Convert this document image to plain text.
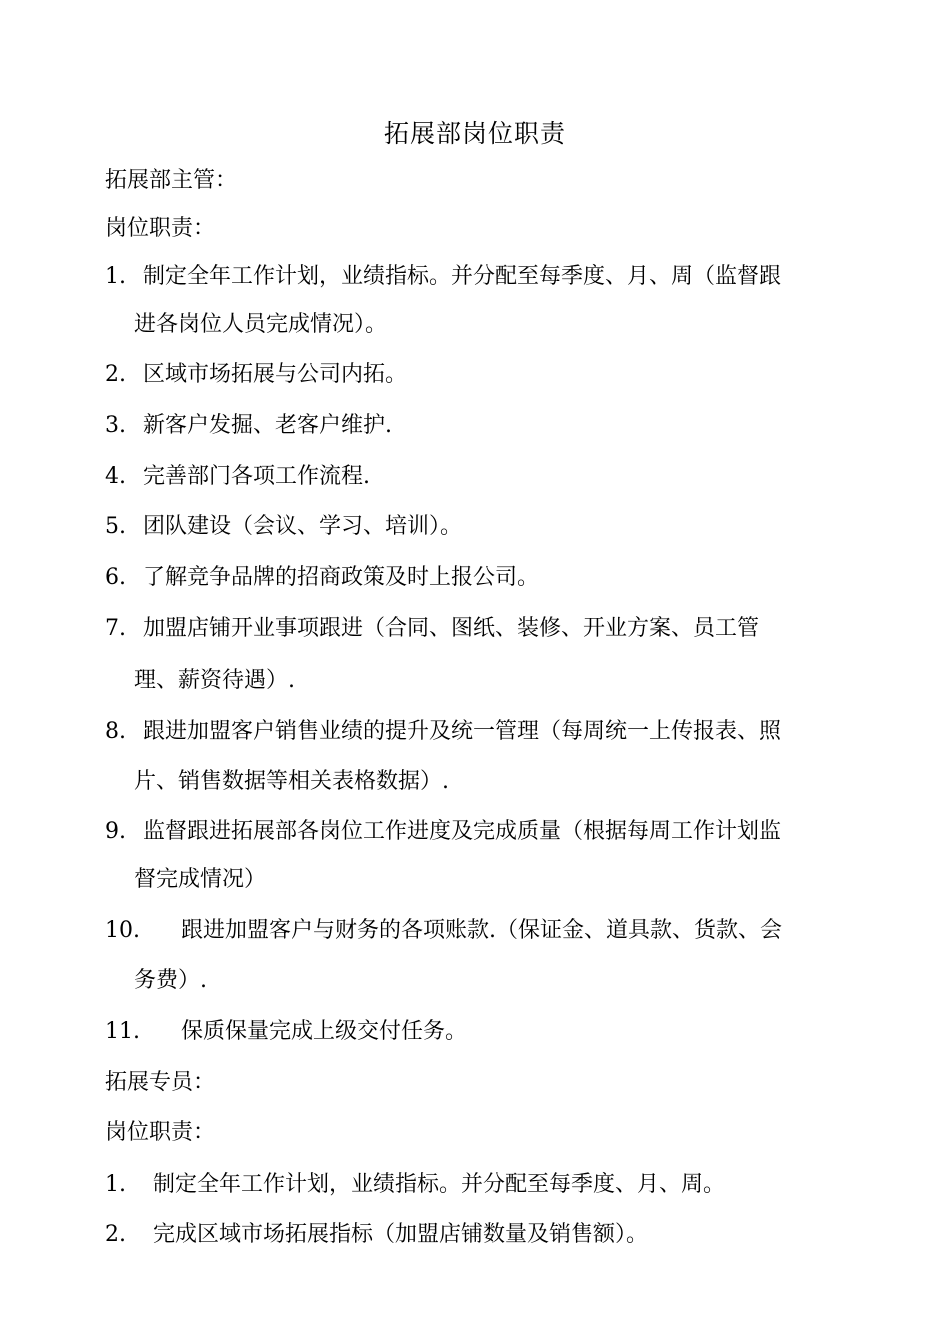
拓展部岗位职责
拓展部主管：
岗位职责：
1. 制定全年工作计划，业绩指标。并分配至每季度、月、周（监督跟
进各岗位人员完成情况）。
2. 区域市场拓展与公司内拓。
3. 新客户发掘、老客户维护.
4. 完善部门各项工作流程.
5. 团队建设（会议、学习、培训）。
6. 了解竞争品牌的招商政策及时上报公司。
7. 加盟店铺开业事项跟进（合同、图纸、装修、开业方案、员工管
理、薪资待遇）.
8. 跟进加盟客户销售业绩的提升及统一管理（每周统一上传报表、照
片、销售数据等相关表格数据）.
9. 监督跟进拓展部各岗位工作进度及完成质量（根据每周工作计划监
督完成情况）
10. 跟进加盟客户与财务的各项账款.（保证金、道具款、货款、会
务费）.
11. 保质保量完成上级交付任务。
拓展专员：
岗位职责：
1. 制定全年工作计划，业绩指标。并分配至每季度、月、周。
2. 完成区域市场拓展指标（加盟店铺数量及销售额）。
